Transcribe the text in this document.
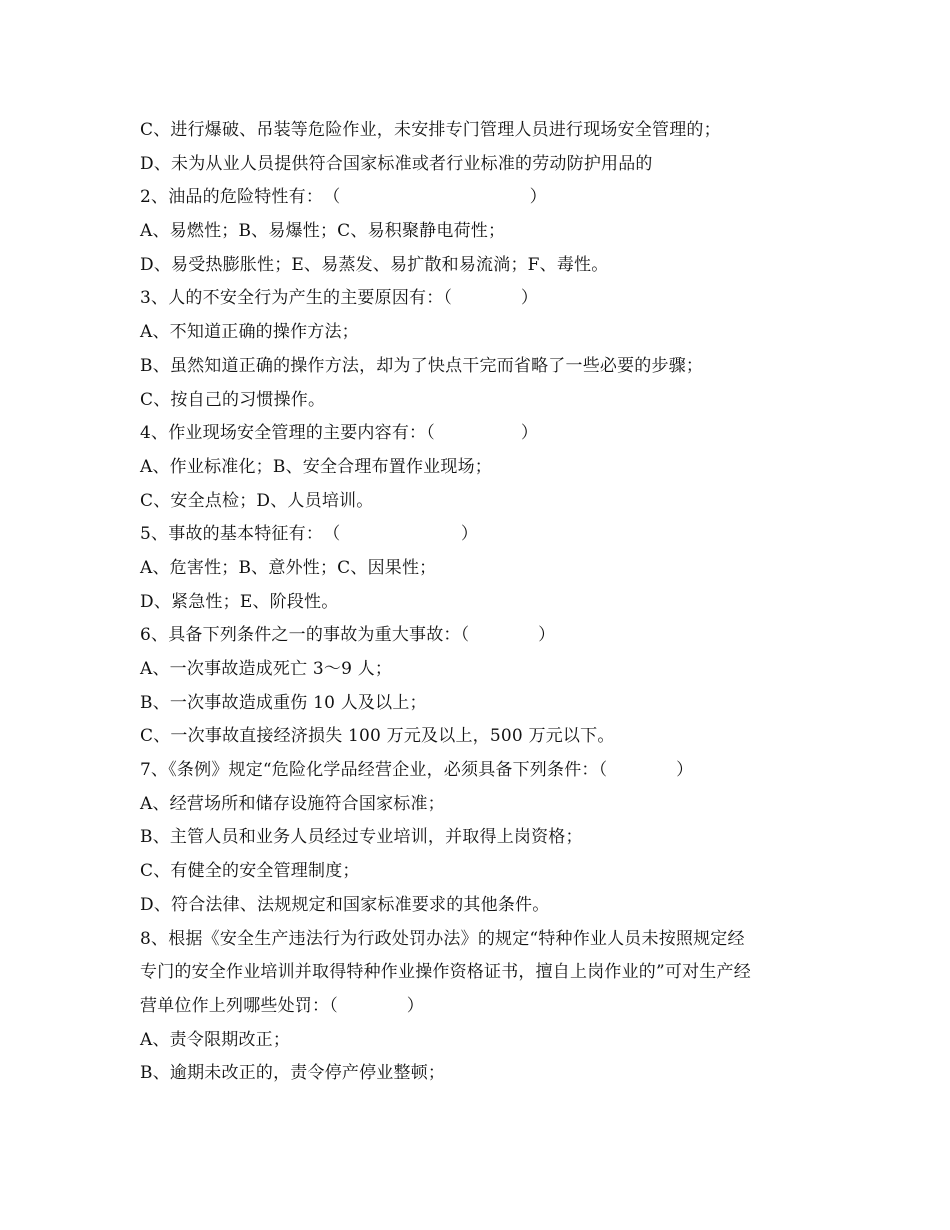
C、进行爆破、吊装等危险作业，未安排专门管理人员进行现场安全管理的；
D、未为从业人员提供符合国家标准或者行业标准的劳动防护用品的
2、油品的危险特性有：　（　　　　　　　　　　　）
A、易燃性；B、易爆性；C、易积聚静电荷性；
D、易受热膨胀性；E、易蒸发、易扩散和易流淌；F、毒性。
3、人的不安全行为产生的主要原因有：（　　　　）
A、不知道正确的操作方法；
B、虽然知道正确的操作方法，却为了快点干完而省略了一些必要的步骤；
C、按自己的习惯操作。
4、作业现场安全管理的主要内容有：（　　　　　）
A、作业标准化；B、安全合理布置作业现场；
C、安全点检；D、人员培训。
5、事故的基本特征有：　（　　　　　　　）
A、危害性；B、意外性；C、因果性；
D、紧急性；E、阶段性。
6、具备下列条件之一的事故为重大事故：（　　　　）
A、一次事故造成死亡 3～9 人；
B、一次事故造成重伤 10 人及以上；
C、一次事故直接经济损失 100 万元及以上，500 万元以下。
7、《条例》规定“危险化学品经营企业，必须具备下列条件：（　　　　）
A、经营场所和储存设施符合国家标准；
B、主管人员和业务人员经过专业培训，并取得上岗资格；
C、有健全的安全管理制度；
D、符合法律、法规规定和国家标准要求的其他条件。
8、根据《安全生产违法行为行政处罚办法》的规定“特种作业人员未按照规定经
专门的安全作业培训并取得特种作业操作资格证书，擅自上岗作业的”可对生产经
营单位作上列哪些处罚：（　　　　）
A、责令限期改正；
B、逾期未改正的，责令停产停业整顿；
